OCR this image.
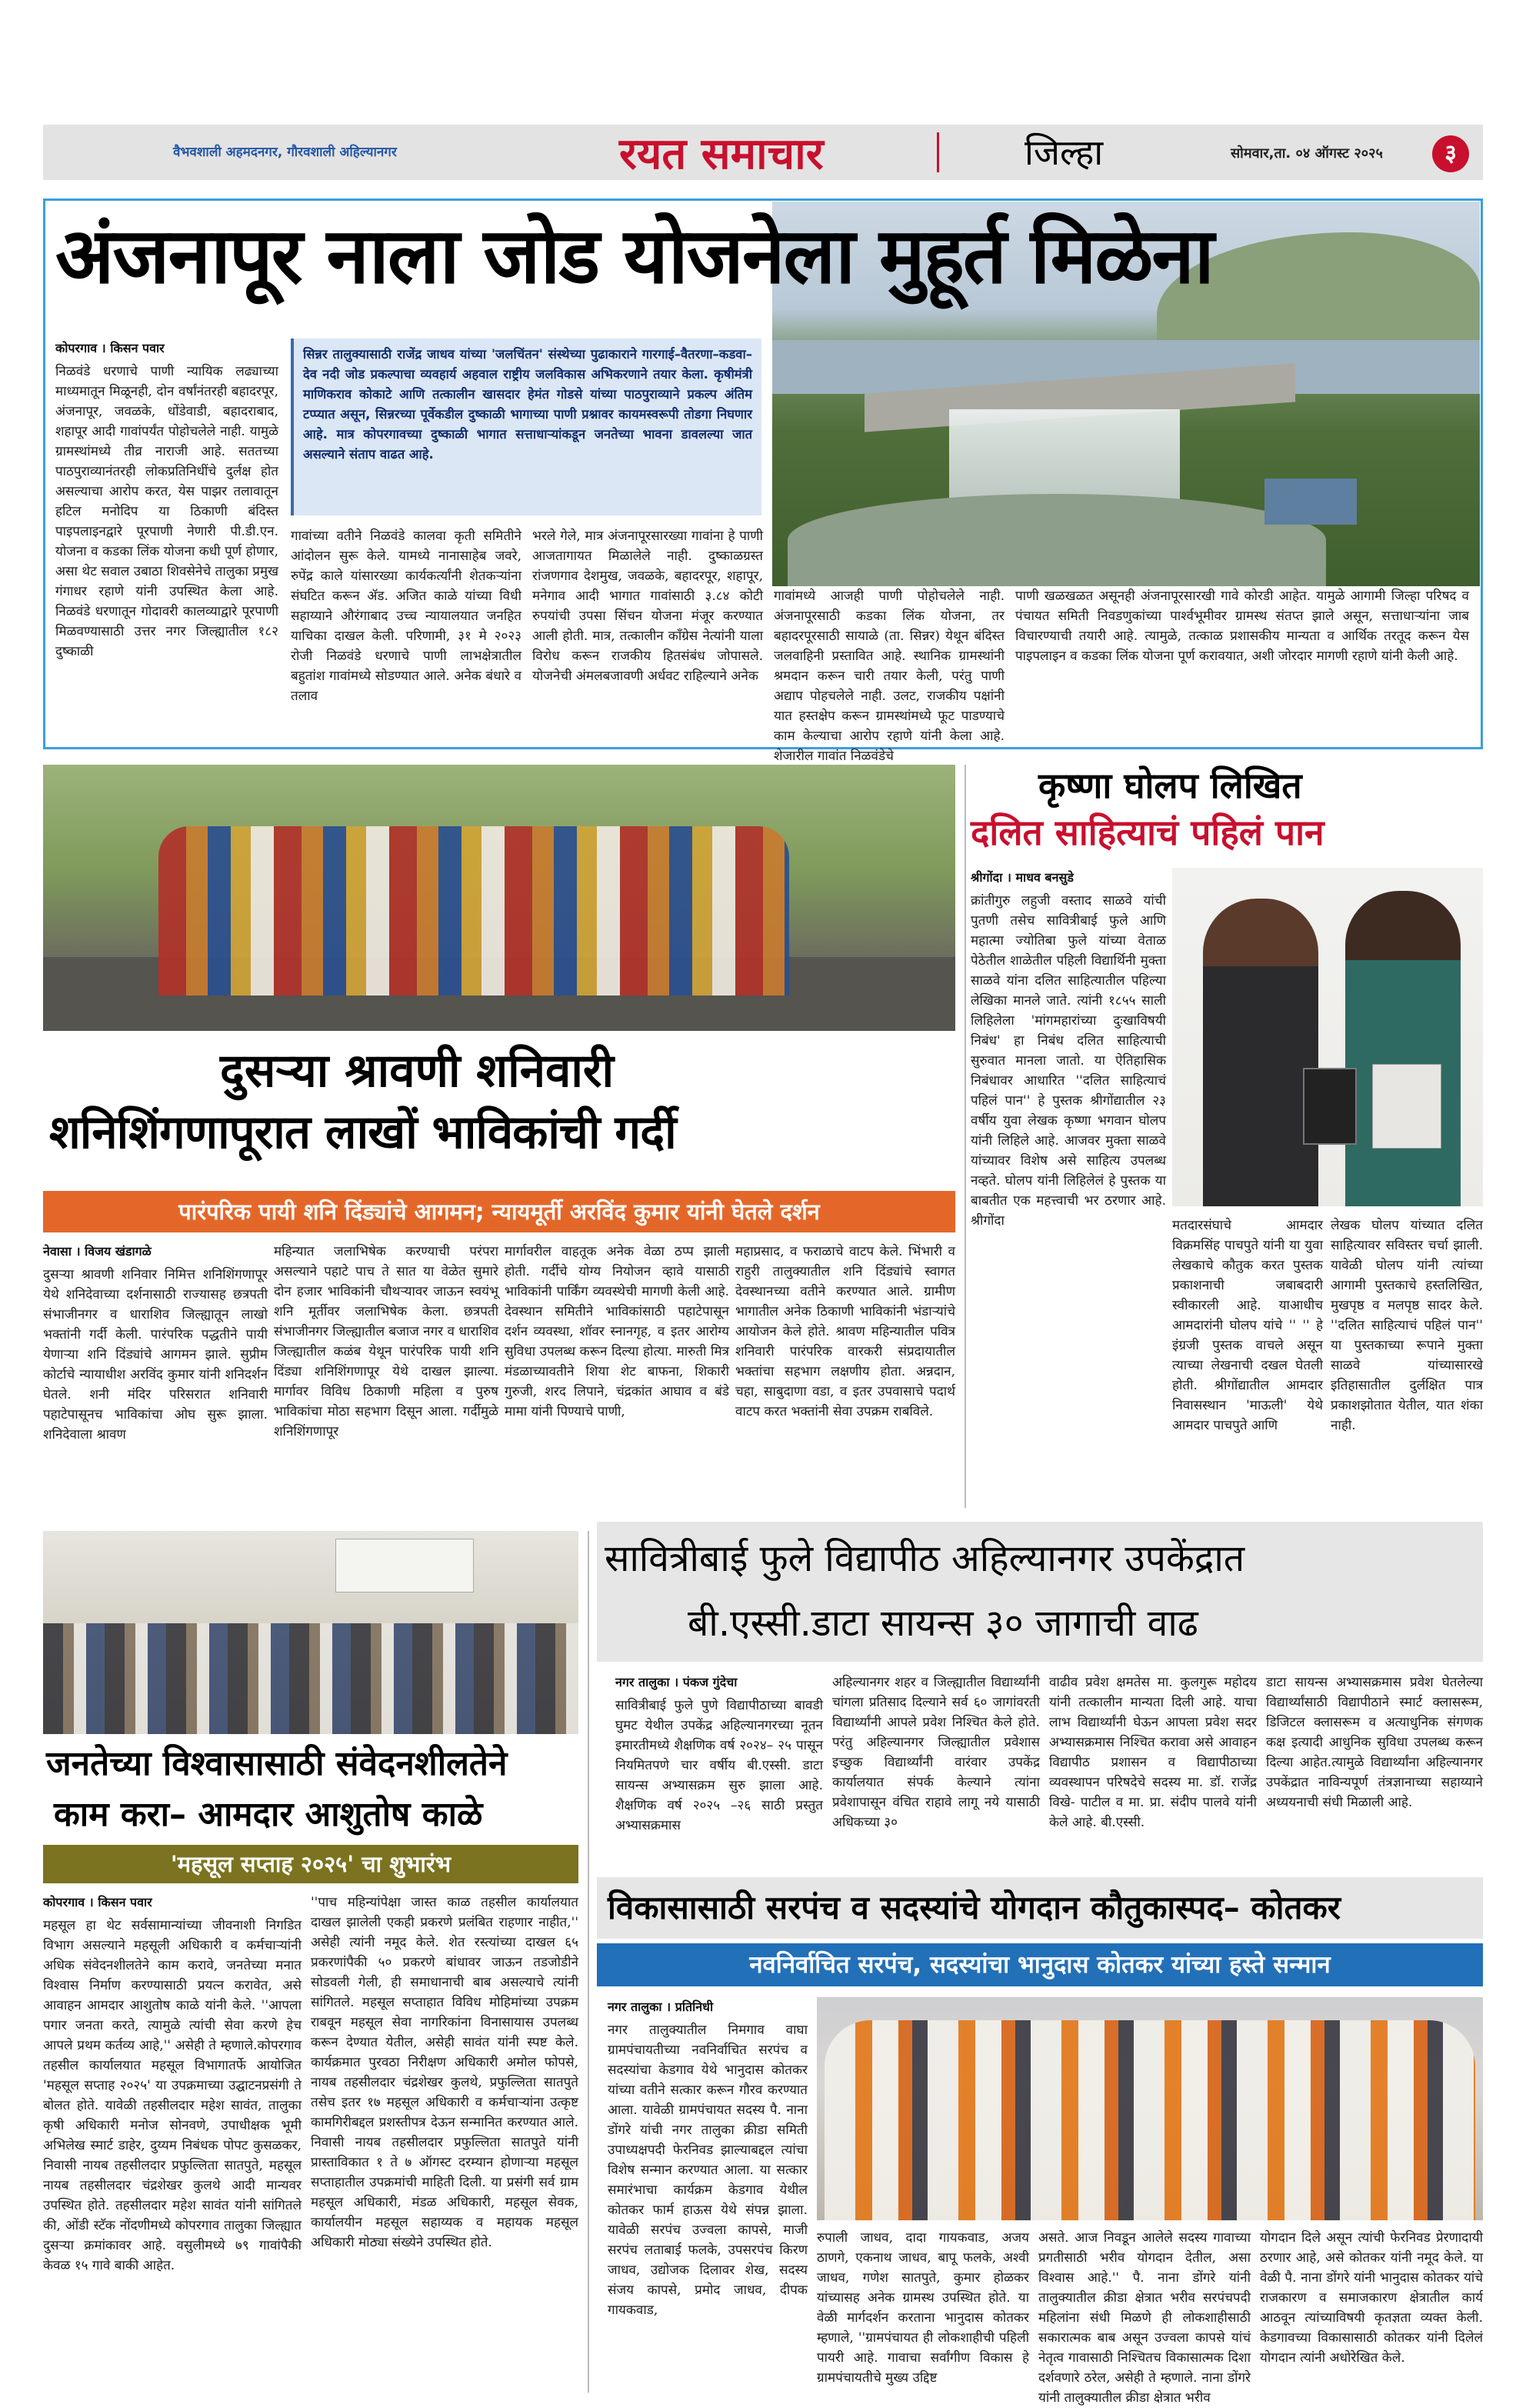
वैभवशाली अहमदनगर, गौरवशाली अहिल्यानगर	रयत समाचार	जिल्हा	सोमवार,ता. ०४ ऑगस्ट २०२५	३
अंजनापूर नाला जोड योजनेला मुहूर्त मिळेना
कोपरगाव । किसन पवार
निळवंडे धरणाचे पाणी न्यायिक लढ्याच्या माध्यमातून मिळूनही, दोन वर्षांनंतरही बहादरपूर, अंजनापूर, जवळके, धोंडेवाडी, बहादराबाद, शहापूर आदी गावांपर्यंत पोहोचलेले नाही. यामुळे ग्रामस्थांमध्ये तीव्र नाराजी आहे. सततच्या पाठपुराव्यानंतरही लोकप्रतिनिधींचे दुर्लक्ष होत असल्याचा आरोप करत, येस पाझर तलावातून हटिल मनोदिप या ठिकाणी बंदिस्त पाइपलाइनद्वारे पूरपाणी नेणारी पी.डी.एन. योजना व कडका लिंक योजना कधी पूर्ण होणार, असा थेट सवाल उबाठा शिवसेनेचे तालुका प्रमुख गंगाधर रहाणे यांनी उपस्थित केला आहे. निळवंडे धरणातून गोदावरी कालव्याद्वारे पूरपाणी मिळवण्यासाठी उत्तर नगर जिल्ह्यातील १८२ दुष्काळी
सिन्नर तालुक्यासाठी राजेंद्र जाधव यांच्या 'जलचिंतन' संस्थेच्या पुढाकाराने गारगाई–वैतरणा–कडवा–देव नदी जोड प्रकल्पाचा व्यवहार्य अहवाल राष्ट्रीय जलविकास अभिकरणाने तयार केला. कृषीमंत्री माणिकराव कोकाटे आणि तत्कालीन खासदार हेमंत गोडसे यांच्या पाठपुराव्याने प्रकल्प अंतिम टप्प्यात असून, सिन्नरच्या पूर्वेकडील दुष्काळी भागाच्या पाणी प्रश्नावर कायमस्वरूपी तोडगा निघणार आहे. मात्र कोपरगावच्या दुष्काळी भागात सत्ताधाऱ्यांकडून जनतेच्या भावना डावलल्या जात असल्याने संताप वाढत आहे.
गावांच्या वतीने निळवंडे कालवा कृती समितीने आंदोलन सुरू केले. यामध्ये नानासाहेब जवरे, रुपेंद्र काले यांसारख्या कार्यकर्त्यांनी शेतकऱ्यांना संघटित करून ॲड. अजित काळे यांच्या विधी सहाय्याने औरंगाबाद उच्च न्यायालयात जनहित याचिका दाखल केली. परिणामी, ३१ मे २०२३ रोजी निळवंडे धरणाचे पाणी लाभक्षेत्रातील बहुतांश गावांमध्ये सोडण्यात आले. अनेक बंधारे व तलाव
भरले गेले, मात्र अंजनापूरसारख्या गावांना हे पाणी आजतागायत मिळालेले नाही. दुष्काळग्रस्त रांजणगाव देशमुख, जवळके, बहादरपूर, शहापूर, मनेगाव आदी भागात गावांसाठी ३.८४ कोटी रुपयांची उपसा सिंचन योजना मंजूर करण्यात आली होती. मात्र, तत्कालीन काँग्रेस नेत्यांनी याला विरोध करून राजकीय हितसंबंध जोपासले. योजनेची अंमलबजावणी अर्धवट राहिल्याने अनेक
गावांमध्ये आजही पाणी पोहोचलेले नाही. अंजनापूरसाठी कडका लिंक योजना, तर बहादरपूरसाठी सायाळे (ता. सिन्नर) येथून बंदिस्त जलवाहिनी प्रस्तावित आहे. स्थानिक ग्रामस्थांनी श्रमदान करून चारी तयार केली, परंतु पाणी अद्याप पोहचलेले नाही. उलट, राजकीय पक्षांनी यात हस्तक्षेप करून ग्रामस्थांमध्ये फूट पाडण्याचे काम केल्याचा आरोप रहाणे यांनी केला आहे. शेजारील गावांत निळवंडेचे
पाणी खळखळत असूनही अंजनापूरसारखी गावे कोरडी आहेत. यामुळे आगामी जिल्हा परिषद व पंचायत समिती निवडणुकांच्या पार्श्वभूमीवर ग्रामस्थ संतप्त झाले असून, सत्ताधाऱ्यांना जाब विचारण्याची तयारी आहे. त्यामुळे, तत्काळ प्रशासकीय मान्यता व आर्थिक तरतूद करून येस पाइपलाइन व कडका लिंक योजना पूर्ण करावयात, अशी जोरदार मागणी रहाणे यांनी केली आहे.
दुसऱ्या श्रावणी शनिवारी
शनिशिंगणापूरात लाखों भाविकांची गर्दी
पारंपरिक पायी शनि दिंड्यांचे आगमन; न्यायमूर्ती अरविंद कुमार यांनी घेतले दर्शन
नेवासा । विजय खंडागळे
दुसऱ्या श्रावणी शनिवार निमित्त शनिशिंगणापूर येथे शनिदेवाच्या दर्शनासाठी राज्यासह छत्रपती संभाजीनगर व धाराशिव जिल्ह्यातून लाखो भक्तांनी गर्दी केली. पारंपरिक पद्धतीने पायी येणाऱ्या शनि दिंड्यांचे आगमन झाले. सुप्रीम कोर्टाचे न्यायाधीश अरविंद कुमार यांनी शनिदर्शन घेतले. शनी मंदिर परिसरात शनिवारी पहाटेपासूनच भाविकांचा ओघ सुरू झाला. शनिदेवाला श्रावण
महिन्यात जलाभिषेक करण्याची परंपरा असल्याने पहाटे पाच ते सात या वेळेत सुमारे दोन हजार भाविकांनी चौथऱ्यावर जाऊन स्वयंभू शनि मूर्तीवर जलाभिषेक केला. छत्रपती संभाजीनगर जिल्ह्यातील बजाज नगर व धाराशिव जिल्ह्यातील कळंब येथून पारंपरिक पायी शनि दिंड्या शनिशिंगणापूर येथे दाखल झाल्या. मार्गावर विविध ठिकाणी महिला व पुरुष भाविकांचा मोठा सहभाग दिसून आला. गर्दीमुळे शनिशिंगणापूर
मार्गावरील वाहतूक अनेक वेळा ठप्प झाली होती. गर्दीचे योग्य नियोजन व्हावे यासाठी भाविकांनी पार्किंग व्यवस्थेची मागणी केली आहे. देवस्थान समितीने भाविकांसाठी पहाटेपासून दर्शन व्यवस्था, शॉवर स्नानगृह, व इतर आरोग्य सुविधा उपलब्ध करून दिल्या होत्या. मारुती मित्र मंडळाच्यावतीने शिया शेट बाफना, शिकारी गुरुजी, शरद लिपाने, चंद्रकांत आघाव व बंडे मामा यांनी पिण्याचे पाणी,
महाप्रसाद, व फराळाचे वाटप केले. भिंभारी व राहुरी तालुक्यातील शनि दिंड्यांचे स्वागत देवस्थानच्या वतीने करण्यात आले. ग्रामीण भागातील अनेक ठिकाणी भाविकांनी भंडाऱ्यांचे आयोजन केले होते. श्रावण महिन्यातील पवित्र शनिवारी पारंपरिक वारकरी संप्रदायातील भक्तांचा सहभाग लक्षणीय होता. अन्नदान, चहा, साबुदाणा वडा, व इतर उपवासाचे पदार्थ वाटप करत भक्तांनी सेवा उपक्रम राबविले.
कृष्णा घोलप लिखित
दलित साहित्याचं पहिलं पान
श्रीगोंदा । माधव बनसुडे
क्रांतीगुरु लहुजी वस्ताद साळवे यांची पुतणी तसेच सावित्रीबाई फुले आणि महात्मा ज्योतिबा फुले यांच्या वेताळ पेठेतील शाळेतील पहिली विद्यार्थिनी मुक्ता साळवे यांना दलित साहित्यातील पहिल्या लेखिका मानले जाते. त्यांनी १८५५ साली लिहिलेला 'मांगमहारांच्या दुःखाविषयी निबंध' हा निबंध दलित साहित्याची सुरुवात मानला जातो. या ऐतिहासिक निबंधावर आधारित ''दलित साहित्याचं पहिलं पान'' हे पुस्तक श्रीगोंद्यातील २३ वर्षीय युवा लेखक कृष्णा भगवान घोलप यांनी लिहिले आहे. आजवर मुक्ता साळवे यांच्यावर विशेष असे साहित्य उपलब्ध नव्हते. घोलप यांनी लिहिलेलं हे पुस्तक या बाबतीत एक महत्त्वाची भर ठरणार आहे. श्रीगोंदा	मतदारसंघाचे आमदार विक्रमसिंह पाचपुते यांनी या युवा लेखकाचे कौतुक करत पुस्तक प्रकाशनाची जबाबदारी स्वीकारली आहे. याआधीच आमदारांनी घोलप यांचे '' '' हे इंग्रजी पुस्तक वाचले असून त्याच्या लेखनाची दखल घेतली होती. श्रीगोंद्यातील आमदार निवासस्थान 'माऊली' येथे आमदार पाचपुते आणि
लेखक घोलप यांच्यात दलित साहित्यावर सविस्तर चर्चा झाली. यावेळी घोलप यांनी त्यांच्या आगामी पुस्तकाचे हस्तलिखित, मुखपृष्ठ व मलपृष्ठ सादर केले. ''दलित साहित्याचं पहिलं पान'' या पुस्तकाच्या रूपाने मुक्ता साळवे यांच्यासारखे इतिहासातील दुर्लक्षित पात्र प्रकाशझोतात येतील, यात शंका नाही.
जनतेच्या विश्वासासाठी संवेदनशीलतेने
काम करा– आमदार आशुतोष काळे
'महसूल सप्ताह २०२५' चा शुभारंभ
कोपरगाव । किसन पवार
महसूल हा थेट सर्वसामान्यांच्या जीवनाशी निगडित विभाग असल्याने महसूली अधिकारी व कर्मचाऱ्यांनी अधिक संवेदनशीलतेने काम करावे, जनतेच्या मनात विश्वास निर्माण करण्यासाठी प्रयत्न करावेत, असे आवाहन आमदार आशुतोष काळे यांनी केले. ''आपला पगार जनता करते, त्यामुळे त्यांची सेवा करणे हेच आपले प्रथम कर्तव्य आहे,'' असेही ते म्हणाले.कोपरगाव तहसील कार्यालयात महसूल विभागातर्फे आयोजित 'महसूल सप्ताह २०२५' या उपक्रमाच्या उद्घाटनप्रसंगी ते बोलत होते. यावेळी तहसीलदार महेश सावंत, तालुका कृषी अधिकारी मनोज सोनवणे, उपाधीक्षक भूमी अभिलेख स्मार्ट डाहेर, दुय्यम निबंधक पोपट कुसळकर, निवासी नायब तहसीलदार प्रफुल्लिता सातपुते, महसूल नायब तहसीलदार चंद्रशेखर कुलथे आदी मान्यवर उपस्थित होते. तहसीलदार महेश सावंत यांनी सांगितले की, ओंडी स्टॅक नोंदणीमध्ये कोपरगाव तालुका जिल्ह्यात दुसऱ्या क्रमांकावर आहे. वसुलीमध्ये ७९ गावांपैकी केवळ १५ गावे बाकी आहेत.
''पाच महिन्यांपेक्षा जास्त काळ तहसील कार्यालयात दाखल झालेली एकही प्रकरणे प्रलंबित राहणार नाहीत,'' असेही त्यांनी नमूद केले. शेत रस्त्यांच्या दाखल ६५ प्रकरणांपैकी ५० प्रकरणे बांधावर जाऊन तडजोडीने सोडवली गेली, ही समाधानाची बाब असल्याचे त्यांनी सांगितले. महसूल सप्ताहात विविध मोहिमांच्या उपक्रम राबवून महसूल सेवा नागरिकांना विनासायास उपलब्ध करून देण्यात येतील, असेही सावंत यांनी स्पष्ट केले. कार्यक्रमात पुरवठा निरीक्षण अधिकारी अमोल फोपसे, नायब तहसीलदार चंद्रशेखर कुलथे, प्रफुल्लिता सातपुते तसेच इतर १७ महसूल अधिकारी व कर्मचाऱ्यांना उत्कृष्ट कामगिरीबद्दल प्रशस्तीपत्र देऊन सन्मानित करण्यात आले. निवासी नायब तहसीलदार प्रफुल्लिता सातपुते यांनी प्रास्ताविकात १ ते ७ ऑगस्ट दरम्यान होणाऱ्या महसूल सप्ताहातील उपक्रमांची माहिती दिली. या प्रसंगी सर्व ग्राम महसूल अधिकारी, मंडळ अधिकारी, महसूल सेवक, कार्यालयीन महसूल सहाय्यक व महायक महसूल अधिकारी मोठ्या संख्येने उपस्थित होते.
सावित्रीबाई फुले विद्यापीठ अहिल्यानगर उपकेंद्रात
बी.एस्सी.डाटा सायन्स ३० जागाची वाढ
नगर तालुका । पंकज गुंदेचा
सावित्रीबाई फुले पुणे विद्यापीठाच्या बावडी घुमट येथील उपकेंद्र अहिल्यानगरच्या नूतन इमारतीमध्ये शैक्षणिक वर्ष २०२४– २५ पासून नियमितपणे चार वर्षीय बी.एस्सी. डाटा सायन्स अभ्यासक्रम सुरु झाला आहे. शैक्षणिक वर्ष २०२५ –२६ साठी प्रस्तुत अभ्यासक्रमास
अहिल्यानगर शहर व जिल्ह्यातील विद्यार्थ्यांनी चांगला प्रतिसाद दिल्याने सर्व ६० जागांवरती विद्यार्थ्यांनी आपले प्रवेश निश्चित केले होते. परंतु अहिल्यानगर जिल्ह्यातील प्रवेशास इच्छुक विद्यार्थ्यांनी वारंवार उपकेंद्र कार्यालयात संपर्क केल्याने त्यांना प्रवेशापासून वंचित राहावे लागू नये यासाठी अधिकच्या ३०
वाढीव प्रवेश क्षमतेस मा. कुलगुरू महोदय यांनी तत्कालीन मान्यता दिली आहे. याचा लाभ विद्यार्थ्यांनी घेऊन आपला प्रवेश सदर अभ्यासक्रमास निश्चित करावा असे आवाहन विद्यापीठ प्रशासन व विद्यापीठाच्या व्यवस्थापन परिषदेचे सदस्य मा. डॉ. राजेंद्र विखे- पाटील व मा. प्रा. संदीप पालवे यांनी केले आहे. बी.एस्सी.
डाटा सायन्स अभ्यासक्रमास प्रवेश घेतलेल्या विद्यार्थ्यांसाठी विद्यापीठाने स्मार्ट क्लासरूम, डिजिटल क्लासरूम व अत्याधुनिक संगणक कक्ष इत्यादी आधुनिक सुविधा उपलब्ध करून दिल्या आहेत.त्यामुळे विद्यार्थ्यांना अहिल्यानगर उपकेंद्रात नाविन्यपूर्ण तंत्रज्ञानाच्या सहाय्याने अध्ययनाची संधी मिळाली आहे.
विकासासाठी सरपंच व सदस्यांचे योगदान कौतुकास्पद– कोतकर
नवनिर्वाचित सरपंच, सदस्यांचा भानुदास कोतकर यांच्या हस्ते सन्मान
नगर तालुका । प्रतिनिधी
नगर तालुक्यातील निमगाव वाघा ग्रामपंचायतीच्या नवनिर्वाचित सरपंच व सदस्यांचा केडगाव येथे भानुदास कोतकर यांच्या वतीने सत्कार करून गौरव करण्यात आला. यावेळी ग्रामपंचायत सदस्य पै. नाना डोंगरे यांची नगर तालुका क्रीडा समिती उपाध्यक्षपदी फेरनिवड झाल्याबद्दल त्यांचा विशेष सन्मान करण्यात आला. या सत्कार समारंभाचा कार्यक्रम केडगाव येथील कोतकर फार्म हाऊस येथे संपन्न झाला. यावेळी सरपंच उज्वला कापसे, माजी सरपंच लताबाई फलके, उपसरपंच किरण जाधव, उद्योजक दिलावर शेख, सदस्य संजय कापसे, प्रमोद जाधव, दीपक गायकवाड,
रुपाली जाधव, दादा गायकवाड, अजय ठाणगे, एकनाथ जाधव, बापू फलके, अश्वी जाधव, गणेश सातपुते, कुमार होळकर यांच्यासह अनेक ग्रामस्थ उपस्थित होते. या वेळी मार्गदर्शन करताना भानुदास कोतकर म्हणाले, ''ग्रामपंचायत ही लोकशाहीची पहिली पायरी आहे. गावाचा सर्वांगीण विकास हे ग्रामपंचायतीचे मुख्य उद्दिष्ट
असते. आज निवडून आलेले सदस्य गावाच्या प्रगतीसाठी भरीव योगदान देतील, असा विश्वास आहे.'' पै. नाना डोंगरे यांनी तालुक्यातील क्रीडा क्षेत्रात भरीव सरपंचपदी महिलांना संधी मिळणे ही लोकशाहीसाठी सकारात्मक बाब असून उज्वला कापसे यांचं नेतृत्व गावासाठी निश्चितच विकासात्मक दिशा दर्शवणारे ठरेल, असेही ते म्हणाले. नाना डोंगरे यांनी तालुक्यातील क्रीडा क्षेत्रात भरीव
योगदान दिले असून त्यांची फेरनिवड प्रेरणादायी ठरणार आहे, असे कोतकर यांनी नमूद केले. या वेळी पै. नाना डोंगरे यांनी भानुदास कोतकर यांचे राजकारण व समाजकारण क्षेत्रातील कार्य आठवून त्यांच्याविषयी कृतज्ञता व्यक्त केली. केडगावच्या विकासासाठी कोतकर यांनी दिलेलं योगदान त्यांनी अधोरेखित केले.
